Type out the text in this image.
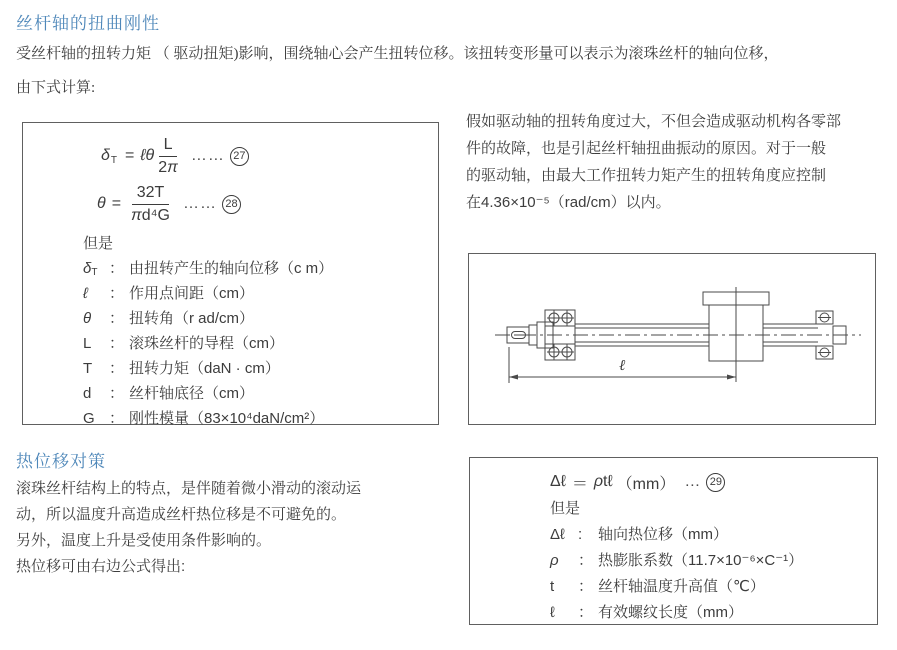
丝杆轴的扭曲刚性
受丝杆轴的扭转力矩 （ 驱动扭矩)影响，围绕轴心会产生扭转位移。该扭转变形量可以表示为滚珠丝杆的轴向位移，
由下式计算:
δ T = ℓθ $\frac{L}{2\pi}$ …… 27
$\theta = \frac{32T}{\text{πd⁴G}}$ …… 28
但是
δT ： 由扭转产生的轴向位移（c m）
ℓ	： 作用点间距（cm）
θ	： 扭转角（r ad/cm）
L	： 滚珠丝杆的导程（cm）
T	： 扭转力矩（daN · cm）
d	： 丝杆轴底径（cm）
G ： 刚性模量（83×10⁴daN/cm²）
假如驱动轴的扭转角度过大，不但会造成驱动机构各零部
件的故障，也是引起丝杆轴扭曲振动的原因。对于一般
的驱动轴，由最大工作扭转力矩产生的扭转角度应控制
在4.36×10⁻⁵（rad/cm）以内。
ℓ
热位移对策
滚珠丝杆结构上的特点，是伴随着微小滑动的滚动运
动，所以温度升高造成丝杆热位移是不可避免的。
另外，温度上升是受使用条件影响的。
热位移可由右边公式得出:
Δℓ ＝ ρ tℓ （mm） … 29
但是
Δℓ :	轴向热位移（mm）
ρ	： 热膨胀系数（11.7×10⁻⁶×C⁻¹）
t	： 丝杆轴温度升高值（℃）
ℓ	： 有效螺纹长度（mm）
